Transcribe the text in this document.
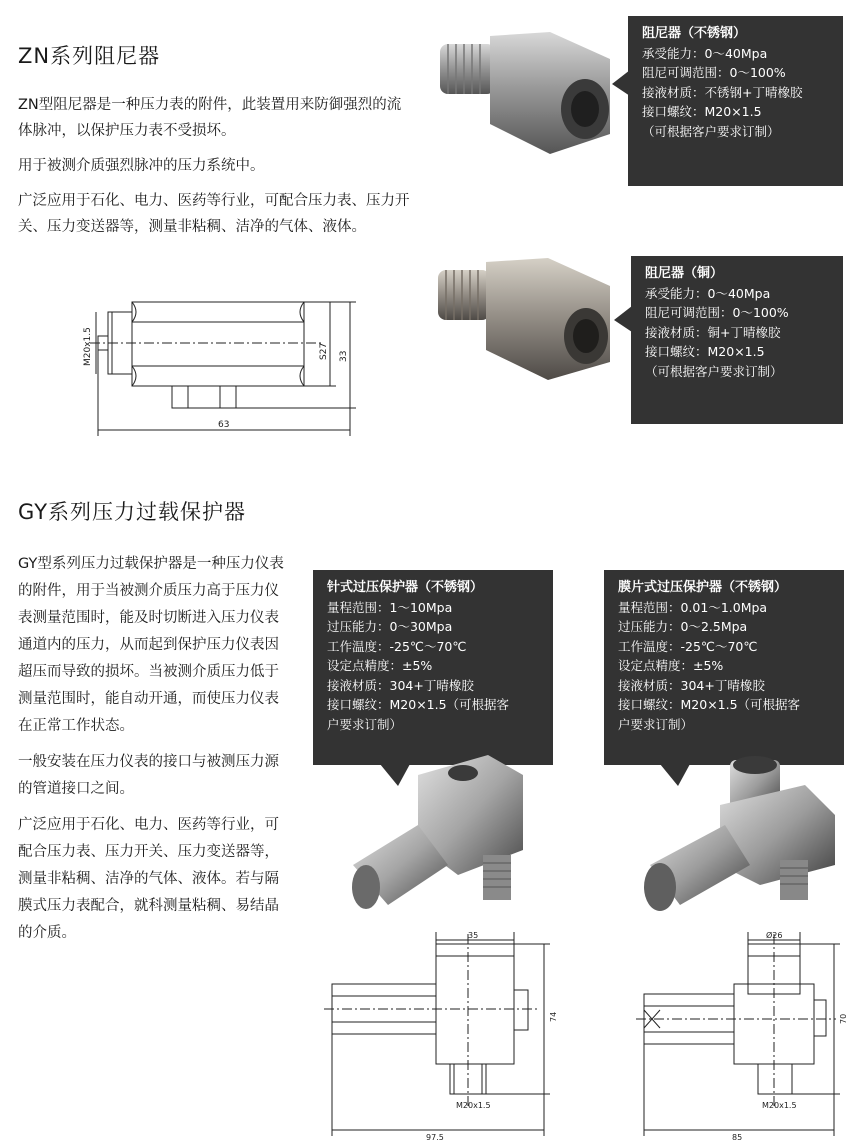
ZN系列阻尼器

ZN型阻尼器是一种压力表的附件，此装置用来防御强烈的流体脉冲，以保护压力表不受损坏。

用于被测介质强烈脉冲的压力系统中。

广泛应用于石化、电力、医药等行业，可配合压力表、压力开关、压力变送器等，测量非粘稠、洁净的气体、液体。

M20x1.5	S27 33
63
阻尼器（不锈钢）
承受能力：0～40Mpa
阻尼可调范围：0～100%
接液材质：不锈钢+丁晴橡胶
接口螺纹：M20×1.5
（可根据客户要求订制）
阻尼器（铜）
承受能力：0～40Mpa
阻尼可调范围：0～100%
接液材质：铜+丁晴橡胶
接口螺纹：M20×1.5
（可根据客户要求订制）
GY系列压力过载保护器

GY型系列压力过载保护器是一种压力仪表的附件，用于当被测介质压力高于压力仪表测量范围时，能及时切断进入压力仪表通道内的压力，从而起到保护压力仪表因超压而导致的损坏。当被测介质压力低于测量范围时，能自动开通，而使压力仪表在正常工作状态。

一般安装在压力仪表的接口与被测压力源的管道接口之间。

广泛应用于石化、电力、医药等行业，可配合压力表、压力开关、压力变送器等，测量非粘稠、洁净的气体、液体。若与隔膜式压力表配合，就科测量粘稠、易结晶的介质。

针式过压保护器（不锈钢）
量程范围：1～10Mpa
过压能力：0～30Mpa
工作温度：-25℃～70℃
设定点精度：±5%
接液材质：304+丁晴橡胶
接口螺纹：M20×1.5（可根据客
户要求订制）
膜片式过压保护器（不锈钢）
量程范围：0.01～1.0Mpa
过压能力：0～2.5Mpa
工作温度：-25℃～70℃
设定点精度：±5%
接液材质：304+丁晴橡胶
接口螺纹：M20×1.5（可根据客
户要求订制）
35
74
M20x1.5
97.5
Ø26
70
M20x1.5
85
